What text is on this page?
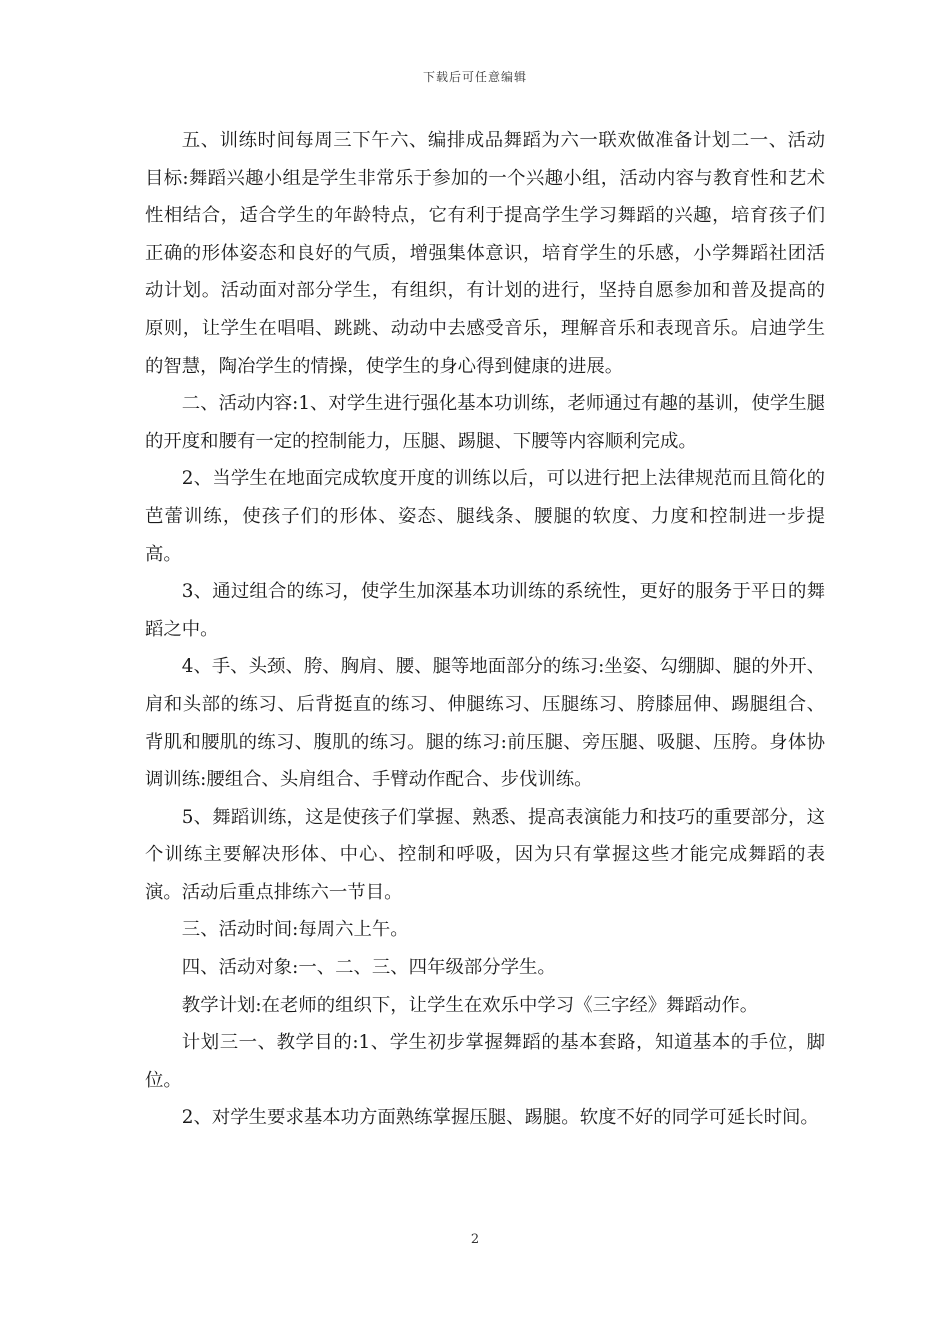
下载后可任意编辑

五、训练时间每周三下午六、编排成品舞蹈为六一联欢做准备计划二一、活动目标:舞蹈兴趣小组是学生非常乐于参加的一个兴趣小组，活动内容与教育性和艺术性相结合，适合学生的年龄特点，它有利于提高学生学习舞蹈的兴趣，培育孩子们正确的形体姿态和良好的气质，增强集体意识，培育学生的乐感，小学舞蹈社团活动计划。活动面对部分学生，有组织，有计划的进行，坚持自愿参加和普及提高的原则，让学生在唱唱、跳跳、动动中去感受音乐，理解音乐和表现音乐。启迪学生的智慧，陶冶学生的情操，使学生的身心得到健康的进展。

二、活动内容:1、对学生进行强化基本功训练，老师通过有趣的基训，使学生腿的开度和腰有一定的控制能力，压腿、踢腿、下腰等内容顺利完成。

2、当学生在地面完成软度开度的训练以后，可以进行把上法律规范而且简化的芭蕾训练，使孩子们的形体、姿态、腿线条、腰腿的软度、力度和控制进一步提高。

3、通过组合的练习，使学生加深基本功训练的系统性，更好的服务于平日的舞蹈之中。

4、手、头颈、胯、胸肩、腰、腿等地面部分的练习:坐姿、勾绷脚、腿的外开、肩和头部的练习、后背挺直的练习、伸腿练习、压腿练习、胯膝屈伸、踢腿组合、背肌和腰肌的练习、腹肌的练习。腿的练习:前压腿、旁压腿、吸腿、压胯。身体协调训练:腰组合、头肩组合、手臂动作配合、步伐训练。

5、舞蹈训练，这是使孩子们掌握、熟悉、提高表演能力和技巧的重要部分，这个训练主要解决形体、中心、控制和呼吸，因为只有掌握这些才能完成舞蹈的表演。活动后重点排练六一节目。

三、活动时间:每周六上午。

四、活动对象:一、二、三、四年级部分学生。

教学计划:在老师的组织下，让学生在欢乐中学习《三字经》舞蹈动作。

计划三一、教学目的:1、学生初步掌握舞蹈的基本套路，知道基本的手位，脚位。

2、对学生要求基本功方面熟练掌握压腿、踢腿。软度不好的同学可延长时间。

2
